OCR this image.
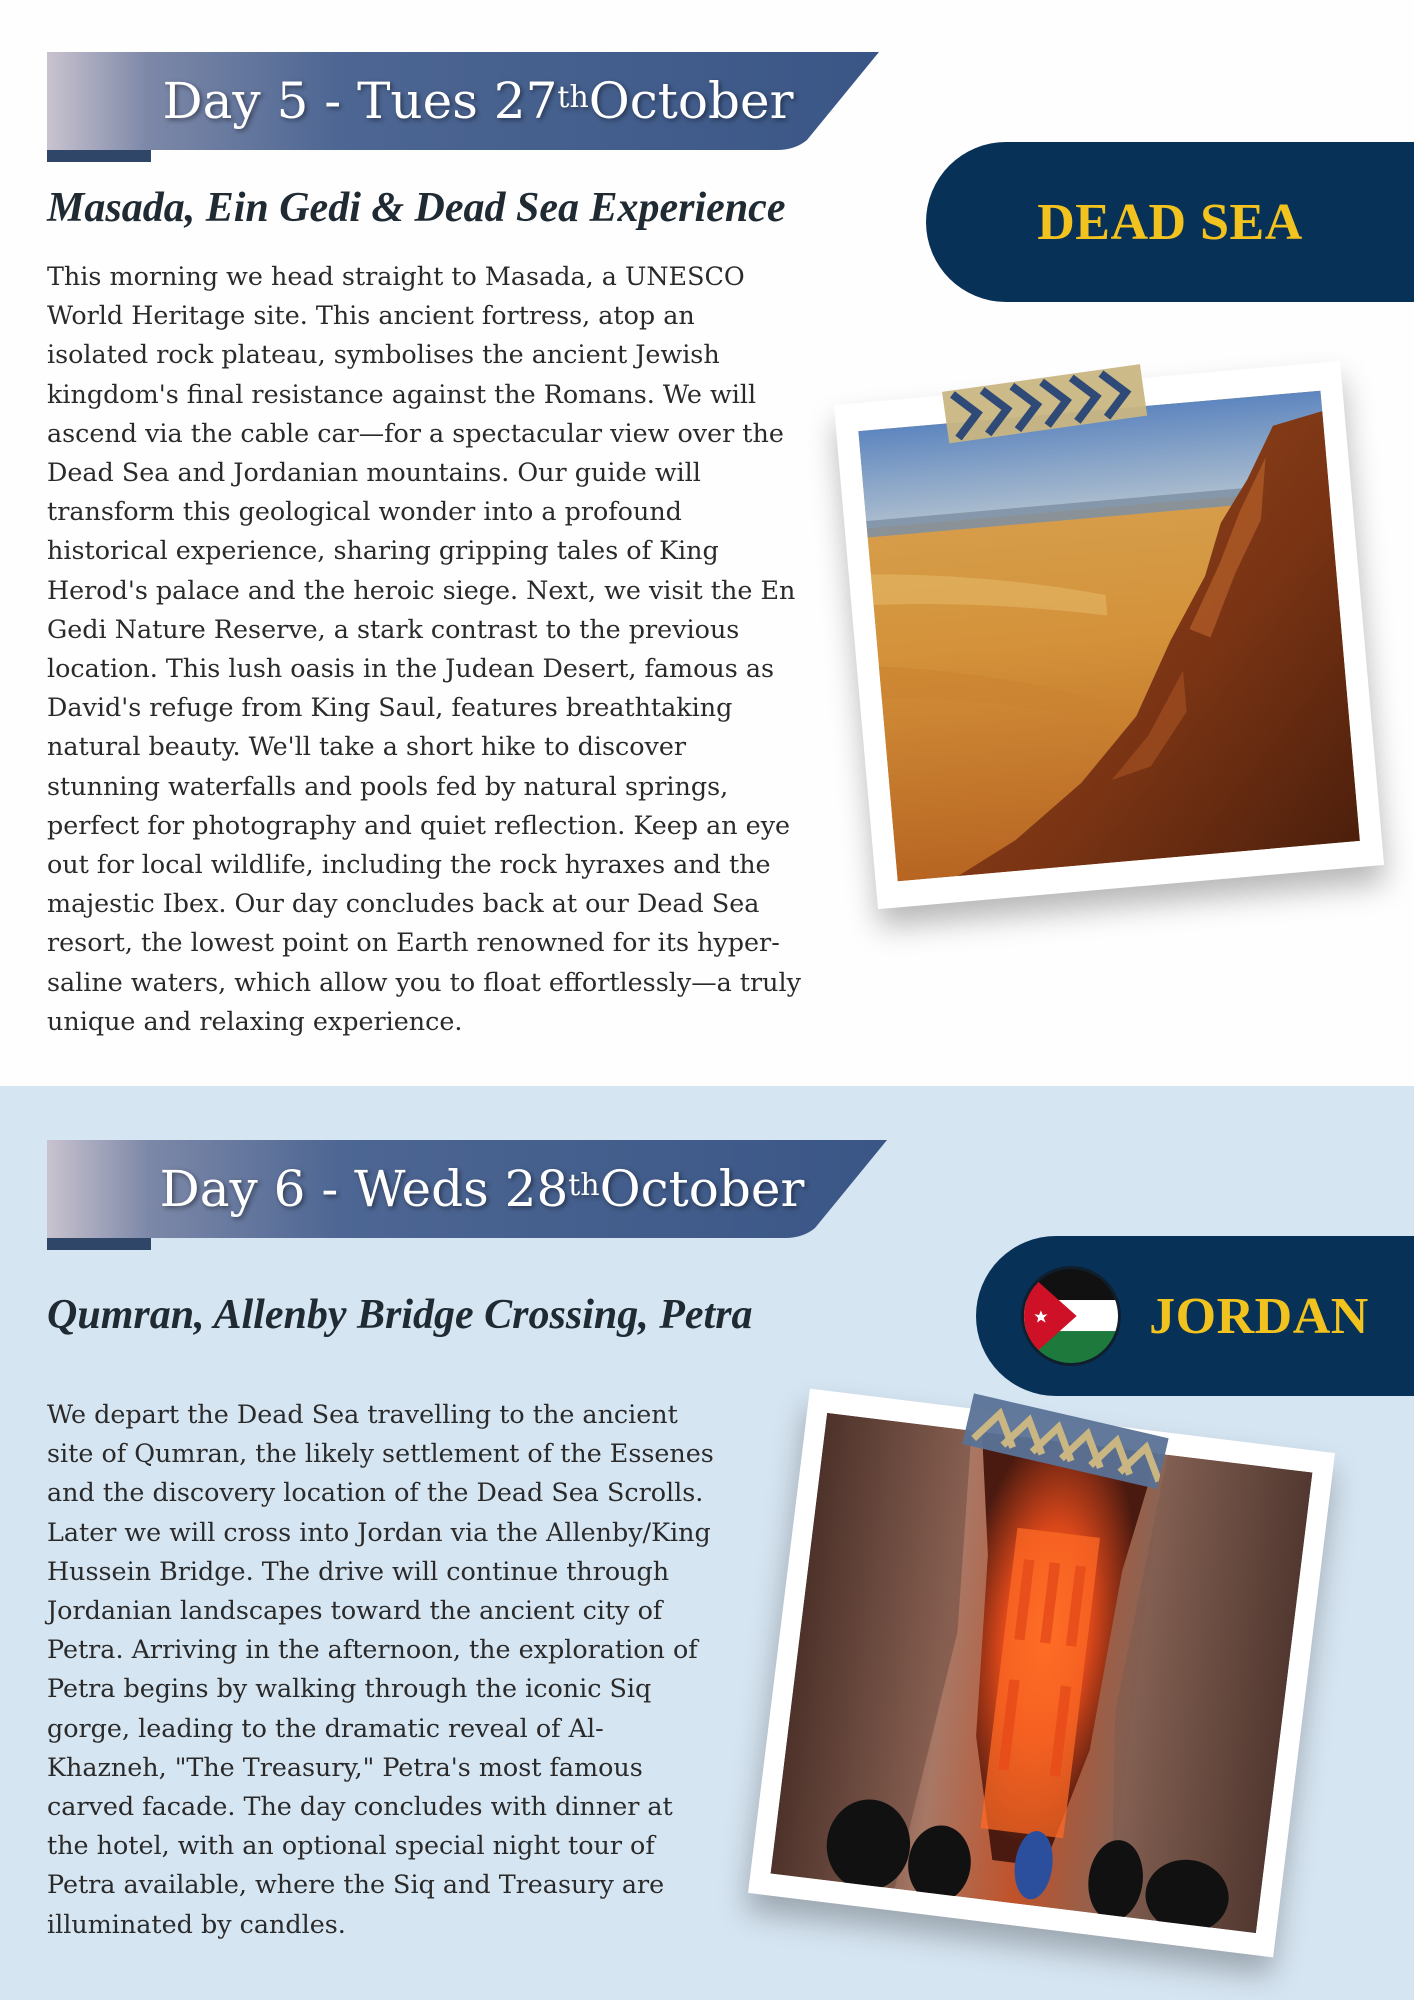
Day 5 - Tues 27th October
Masada, Ein Gedi & Dead Sea Experience
This morning we head straight to Masada, a UNESCO
World Heritage site. This ancient fortress, atop an
isolated rock plateau, symbolises the ancient Jewish
kingdom's final resistance against the Romans. We will
ascend via the cable car—for a spectacular view over the
Dead Sea and Jordanian mountains. Our guide will
transform this geological wonder into a profound
historical experience, sharing gripping tales of King
Herod's palace and the heroic siege. Next, we visit the En
Gedi Nature Reserve, a stark contrast to the previous
location. This lush oasis in the Judean Desert, famous as
David's refuge from King Saul, features breathtaking
natural beauty. We'll take a short hike to discover
stunning waterfalls and pools fed by natural springs,
perfect for photography and quiet reflection. Keep an eye
out for local wildlife, including the rock hyraxes and the
majestic Ibex. Our day concludes back at our Dead Sea
resort, the lowest point on Earth renowned for its hyper-
saline waters, which allow you to float effortlessly—a truly
unique and relaxing experience.
DEAD SEA
Day 6 - Weds 28th October
Qumran, Allenby Bridge Crossing, Petra
We depart the Dead Sea travelling to the ancient
site of Qumran, the likely settlement of the Essenes
and the discovery location of the Dead Sea Scrolls.
Later we will cross into Jordan via the Allenby/King
Hussein Bridge. The drive will continue through
Jordanian landscapes toward the ancient city of
Petra. Arriving in the afternoon, the exploration of
Petra begins by walking through the iconic Siq
gorge, leading to the dramatic reveal of Al-
Khazneh, "The Treasury," Petra's most famous
carved facade. The day concludes with dinner at
the hotel, with an optional special night tour of
Petra available, where the Siq and Treasury are
illuminated by candles.
JORDAN
